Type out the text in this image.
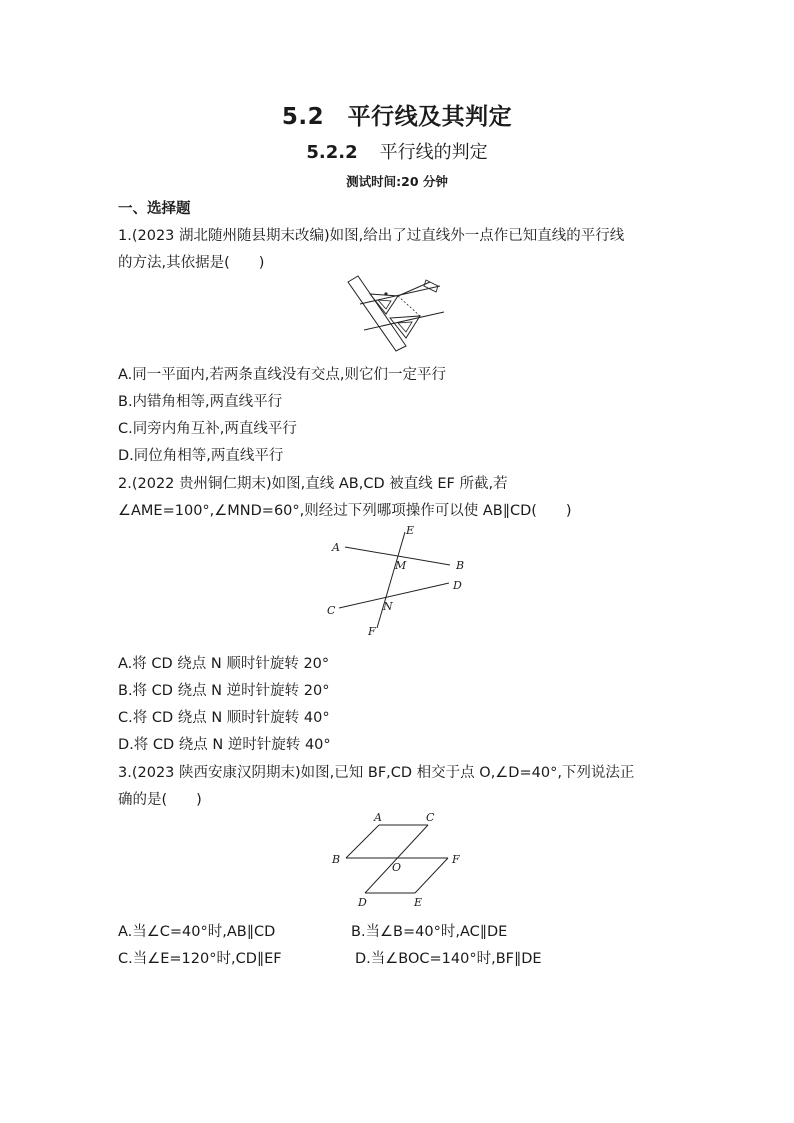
5.2　平行线及其判定
5.2.2 平行线的判定
测试时间:20 分钟
一、选择题
1.(2023 湖北随州随县期末改编)如图,给出了过直线外一点作已知直线的平行线
的方法,其依据是(　　)
A.同一平面内,若两条直线没有交点,则它们一定平行
B.内错角相等,两直线平行
C.同旁内角互补,两直线平行
D.同位角相等,两直线平行
2.(2022 贵州铜仁期末)如图,直线 AB,CD 被直线 EF 所截,若
∠AME=100°,∠MND=60°,则经过下列哪项操作可以使 AB∥CD(　　)
A
B
C
D
E
F
M
N
A.将 CD 绕点 N 顺时针旋转 20°
B.将 CD 绕点 N 逆时针旋转 20°
C.将 CD 绕点 N 顺时针旋转 40°
D.将 CD 绕点 N 逆时针旋转 40°
3.(2023 陕西安康汉阴期末)如图,已知 BF,CD 相交于点 O,∠D=40°,下列说法正
确的是(　　)
A	C
B	F
O
D	E
A.当∠C=40°时,AB∥CD	B.当∠B=40°时,AC∥DE
C.当∠E=120°时,CD∥EF	D.当∠BOC=140°时,BF∥DE
